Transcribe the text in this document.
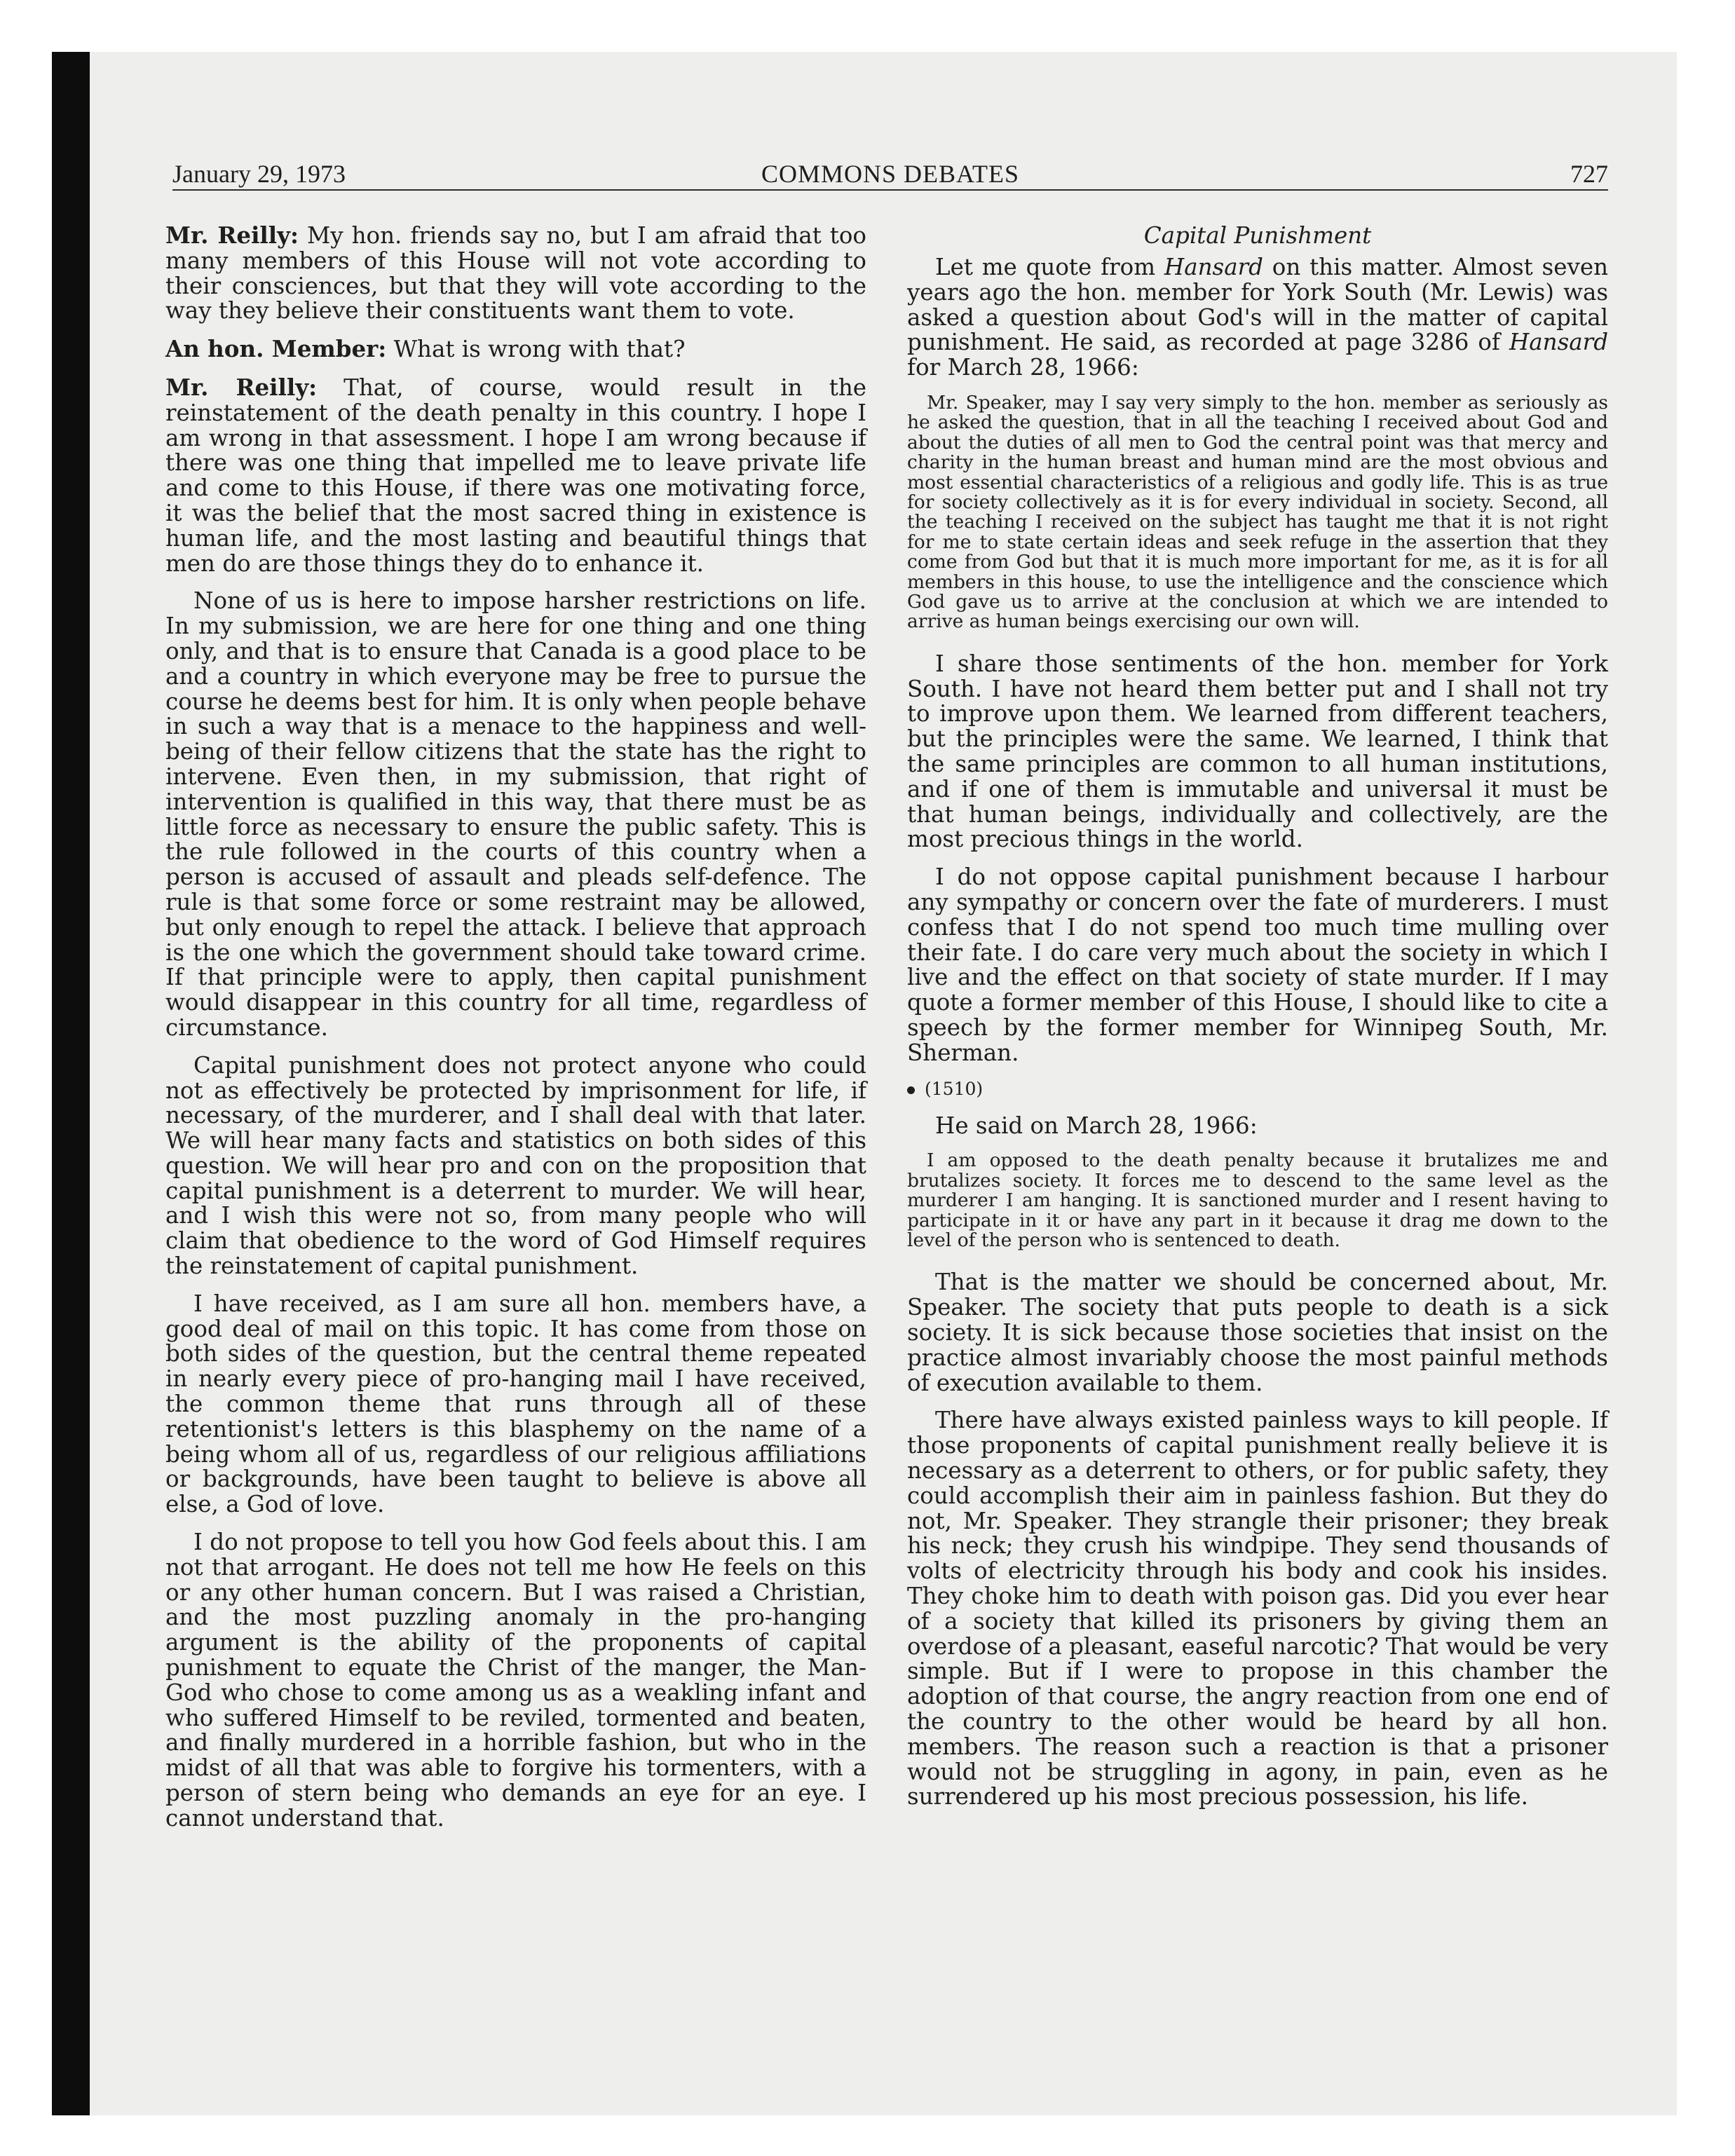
January 29, 1973	COMMONS DEBATES	727

Mr. Reilly: My hon. friends say no, but I am afraid that too many members of this House will not vote according to their consciences, but that they will vote according to the way they believe their constituents want them to vote.

An hon. Member: What is wrong with that?

Mr. Reilly: That, of course, would result in the reinstatement of the death penalty in this country. I hope I am wrong in that assessment. I hope I am wrong because if there was one thing that impelled me to leave private life and come to this House, if there was one motivating force, it was the belief that the most sacred thing in existence is human life, and the most lasting and beautiful things that men do are those things they do to enhance it.

None of us is here to impose harsher restrictions on life. In my submission, we are here for one thing and one thing only, and that is to ensure that Canada is a good place to be and a country in which everyone may be free to pursue the course he deems best for him. It is only when people behave in such a way that is a menace to the happiness and well-being of their fellow citizens that the state has the right to intervene. Even then, in my submission, that right of intervention is qualified in this way, that there must be as little force as necessary to ensure the public safety. This is the rule followed in the courts of this country when a person is accused of assault and pleads self-defence. The rule is that some force or some restraint may be allowed, but only enough to repel the attack. I believe that approach is the one which the government should take toward crime. If that principle were to apply, then capital punishment would disappear in this country for all time, regardless of circumstance.

Capital punishment does not protect anyone who could not as effectively be protected by imprisonment for life, if necessary, of the murderer, and I shall deal with that later. We will hear many facts and statistics on both sides of this question. We will hear pro and con on the proposition that capital punishment is a deterrent to murder. We will hear, and I wish this were not so, from many people who will claim that obedience to the word of God Himself requires the reinstatement of capital punishment.

I have received, as I am sure all hon. members have, a good deal of mail on this topic. It has come from those on both sides of the question, but the central theme repeated in nearly every piece of pro-hanging mail I have received, the common theme that runs through all of these retentionist's letters is this blasphemy on the name of a being whom all of us, regardless of our religious affiliations or backgrounds, have been taught to believe is above all else, a God of love.

I do not propose to tell you how God feels about this. I am not that arrogant. He does not tell me how He feels on this or any other human concern. But I was raised a Christian, and the most puzzling anomaly in the pro-hanging argument is the ability of the proponents of capital punishment to equate the Christ of the manger, the Man-God who chose to come among us as a weakling infant and who suffered Himself to be reviled, tormented and beaten, and finally murdered in a horrible fashion, but who in the midst of all that was able to forgive his tormenters, with a person of stern being who demands an eye for an eye. I cannot understand that.

Capital Punishment

Let me quote from Hansard on this matter. Almost seven years ago the hon. member for York South (Mr. Lewis) was asked a question about God's will in the matter of capital punishment. He said, as recorded at page 3286 of Hansard for March 28, 1966:

Mr. Speaker, may I say very simply to the hon. member as seriously as he asked the question, that in all the teaching I received about God and about the duties of all men to God the central point was that mercy and charity in the human breast and human mind are the most obvious and most essential characteristics of a religious and godly life. This is as true for society collectively as it is for every individual in society. Second, all the teaching I received on the subject has taught me that it is not right for me to state certain ideas and seek refuge in the assertion that they come from God but that it is much more important for me, as it is for all members in this house, to use the intelligence and the conscience which God gave us to arrive at the conclusion at which we are intended to arrive as human beings exercising our own will.

I share those sentiments of the hon. member for York South. I have not heard them better put and I shall not try to improve upon them. We learned from different teachers, but the principles were the same. We learned, I think that the same principles are common to all human institutions, and if one of them is immutable and universal it must be that human beings, individually and collectively, are the most precious things in the world.

I do not oppose capital punishment because I harbour any sympathy or concern over the fate of murderers. I must confess that I do not spend too much time mulling over their fate. I do care very much about the society in which I live and the effect on that society of state murder. If I may quote a former member of this House, I should like to cite a speech by the former member for Winnipeg South, Mr. Sherman.

(1510)

He said on March 28, 1966:

I am opposed to the death penalty because it brutalizes me and brutalizes society. It forces me to descend to the same level as the murderer I am hanging. It is sanctioned murder and I resent having to participate in it or have any part in it because it drag me down to the level of the person who is sentenced to death.

That is the matter we should be concerned about, Mr. Speaker. The society that puts people to death is a sick society. It is sick because those societies that insist on the practice almost invariably choose the most painful methods of execution available to them.

There have always existed painless ways to kill people. If those proponents of capital punishment really believe it is necessary as a deterrent to others, or for public safety, they could accomplish their aim in painless fashion. But they do not, Mr. Speaker. They strangle their prisoner; they break his neck; they crush his windpipe. They send thousands of volts of electricity through his body and cook his insides. They choke him to death with poison gas. Did you ever hear of a society that killed its prisoners by giving them an overdose of a pleasant, easeful narcotic? That would be very simple. But if I were to propose in this chamber the adoption of that course, the angry reaction from one end of the country to the other would be heard by all hon. members. The reason such a reaction is that a prisoner would not be struggling in agony, in pain, even as he surrendered up his most precious possession, his life.
